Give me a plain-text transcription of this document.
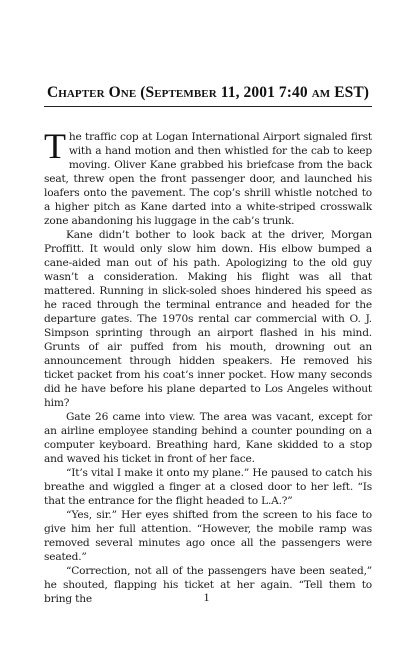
Chapter One (September 11, 2001 7:40 am EST)

The traffic cop at Logan International Airport signaled first with a hand motion and then whistled for the cab to keep moving. Oliver Kane grabbed his briefcase from the back seat, threw open the front passenger door, and launched his loafers onto the pavement. The cop’s shrill whistle notched to a higher pitch as Kane darted into a white-striped crosswalk zone abandoning his luggage in the cab’s trunk.

Kane didn’t bother to look back at the driver, Morgan Proffitt. It would only slow him down. His elbow bumped a cane-aided man out of his path. Apologizing to the old guy wasn’t a consideration. Making his flight was all that mattered. Running in slick-soled shoes hindered his speed as he raced through the terminal entrance and headed for the departure gates. The 1970s rental car commercial with O. J. Simpson sprinting through an airport flashed in his mind. Grunts of air puffed from his mouth, drowning out an announcement through hidden speakers. He removed his ticket packet from his coat’s inner pocket. How many seconds did he have before his plane departed to Los Angeles without him?

Gate 26 came into view. The area was vacant, except for an airline employee standing behind a counter pounding on a computer keyboard. Breathing hard, Kane skidded to a stop and waved his ticket in front of her face.

“It’s vital I make it onto my plane.” He paused to catch his breathe and wiggled a finger at a closed door to her left. “Is that the entrance for the flight headed to L.A.?”

“Yes, sir.” Her eyes shifted from the screen to his face to give him her full attention. “However, the mobile ramp was removed several minutes ago once all the passengers were seated.”

“Correction, not all of the passengers have been seated,” he shouted, flapping his ticket at her again. “Tell them to bring the	1
